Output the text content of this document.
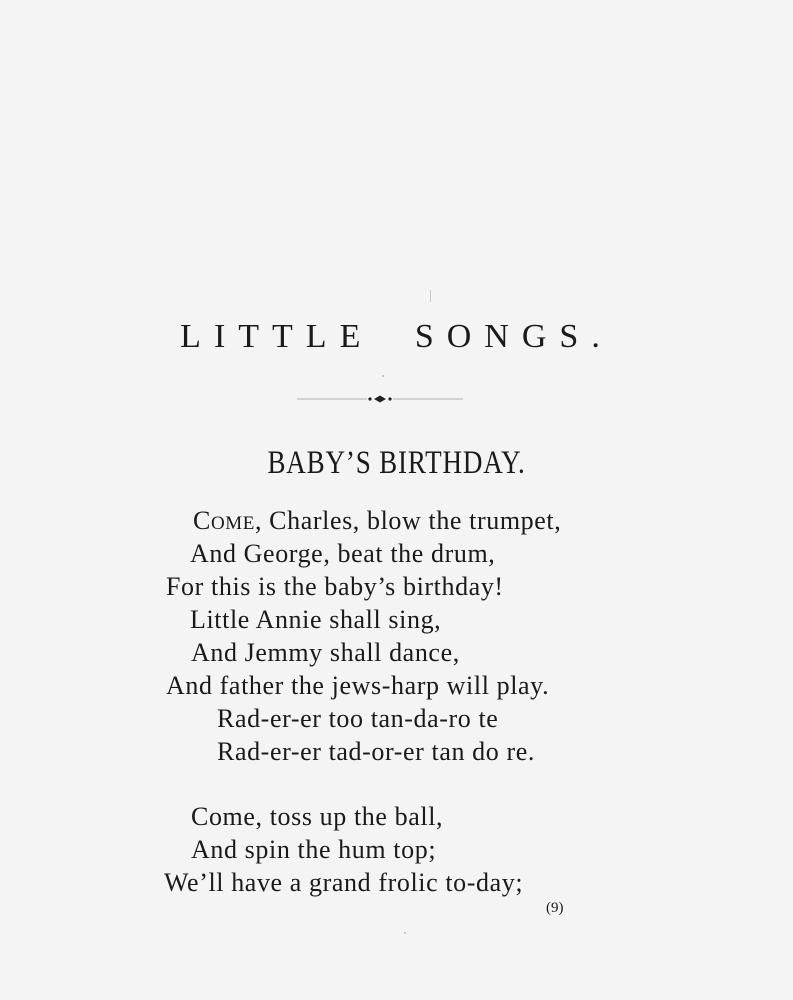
LITTLE SONGS.
BABY’S BIRTHDAY.
COME, Charles, blow the trumpet,
And George, beat the drum,
For this is the baby’s birthday!
Little Annie shall sing,
And Jemmy shall dance,
And father the jews-harp will play.
Rad-er-er too tan-da-ro te
Rad-er-er tad-or-er tan do re.
Come, toss up the ball,
And spin the hum top;
We’ll have a grand frolic to-day;
(9)
